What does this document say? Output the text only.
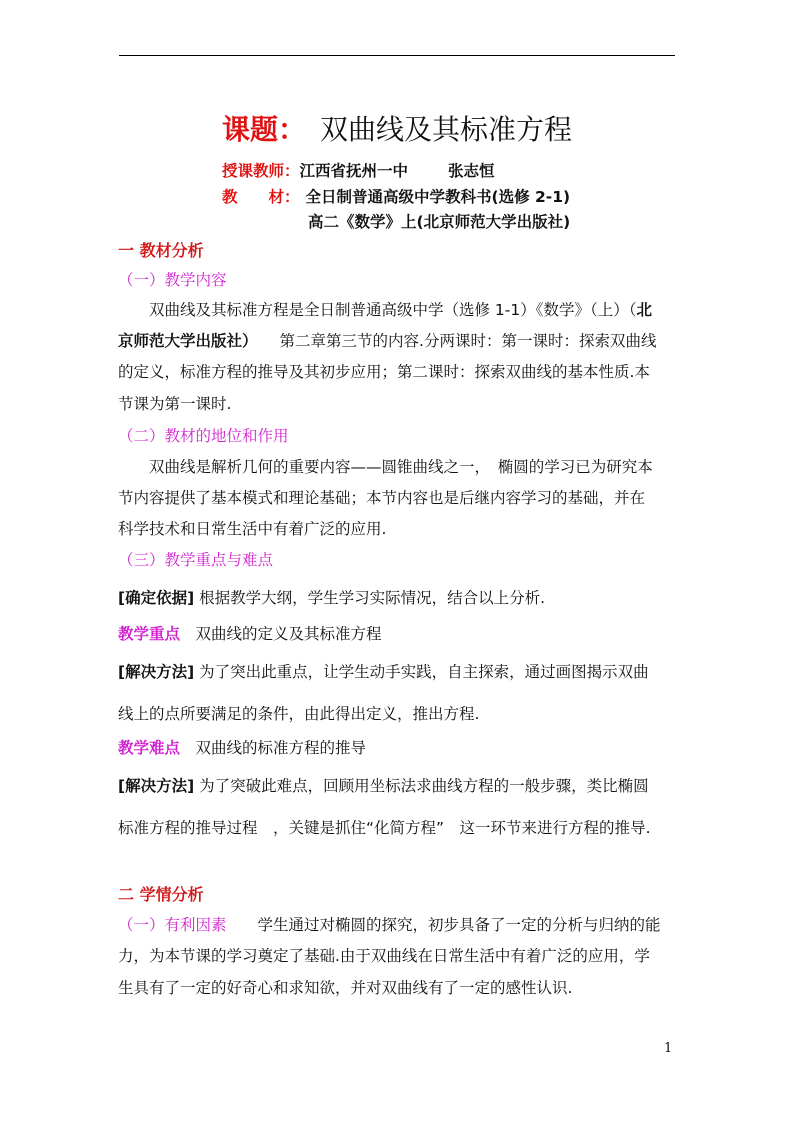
课题： 双曲线及其标准方程
授课教师：江西省抚州一中	张志恒
教　　材： 全日制普通高级中学教科书(选修 2-1)
高二《数学》上(北京师范大学出版社)
一 教材分析
（一）教学内容
　　双曲线及其标准方程是全日制普通高级中学（选修 1-1）《数学》（上）（北
京师范大学出版社） 第二章第三节的内容.分两课时：第一课时：探索双曲线
的定义，标准方程的推导及其初步应用；第二课时：探索双曲线的基本性质.本
节课为第一课时.
（二）教材的地位和作用
　　双曲线是解析几何的重要内容——圆锥曲线之一，　椭圆的学习已为研究本
节内容提供了基本模式和理论基础；本节内容也是后继内容学习的基础，并在
科学技术和日常生活中有着广泛的应用.
（三）教学重点与难点
[确定依据] 根据教学大纲，学生学习实际情况，结合以上分析.
教学重点　双曲线的定义及其标准方程
[解决方法] 为了突出此重点，让学生动手实践，自主探索，通过画图揭示双曲
线上的点所要满足的条件，由此得出定义，推出方程.
教学难点　双曲线的标准方程的推导
[解决方法] 为了突破此难点，回顾用坐标法求曲线方程的一般步骤，类比椭圆
标准方程的推导过程　，关键是抓住“化简方程”　这一环节来进行方程的推导.
二 学情分析
（一）有利因素　　学生通过对椭圆的探究，初步具备了一定的分析与归纳的能
力，为本节课的学习奠定了基础.由于双曲线在日常生活中有着广泛的应用，学
生具有了一定的好奇心和求知欲，并对双曲线有了一定的感性认识.
1
